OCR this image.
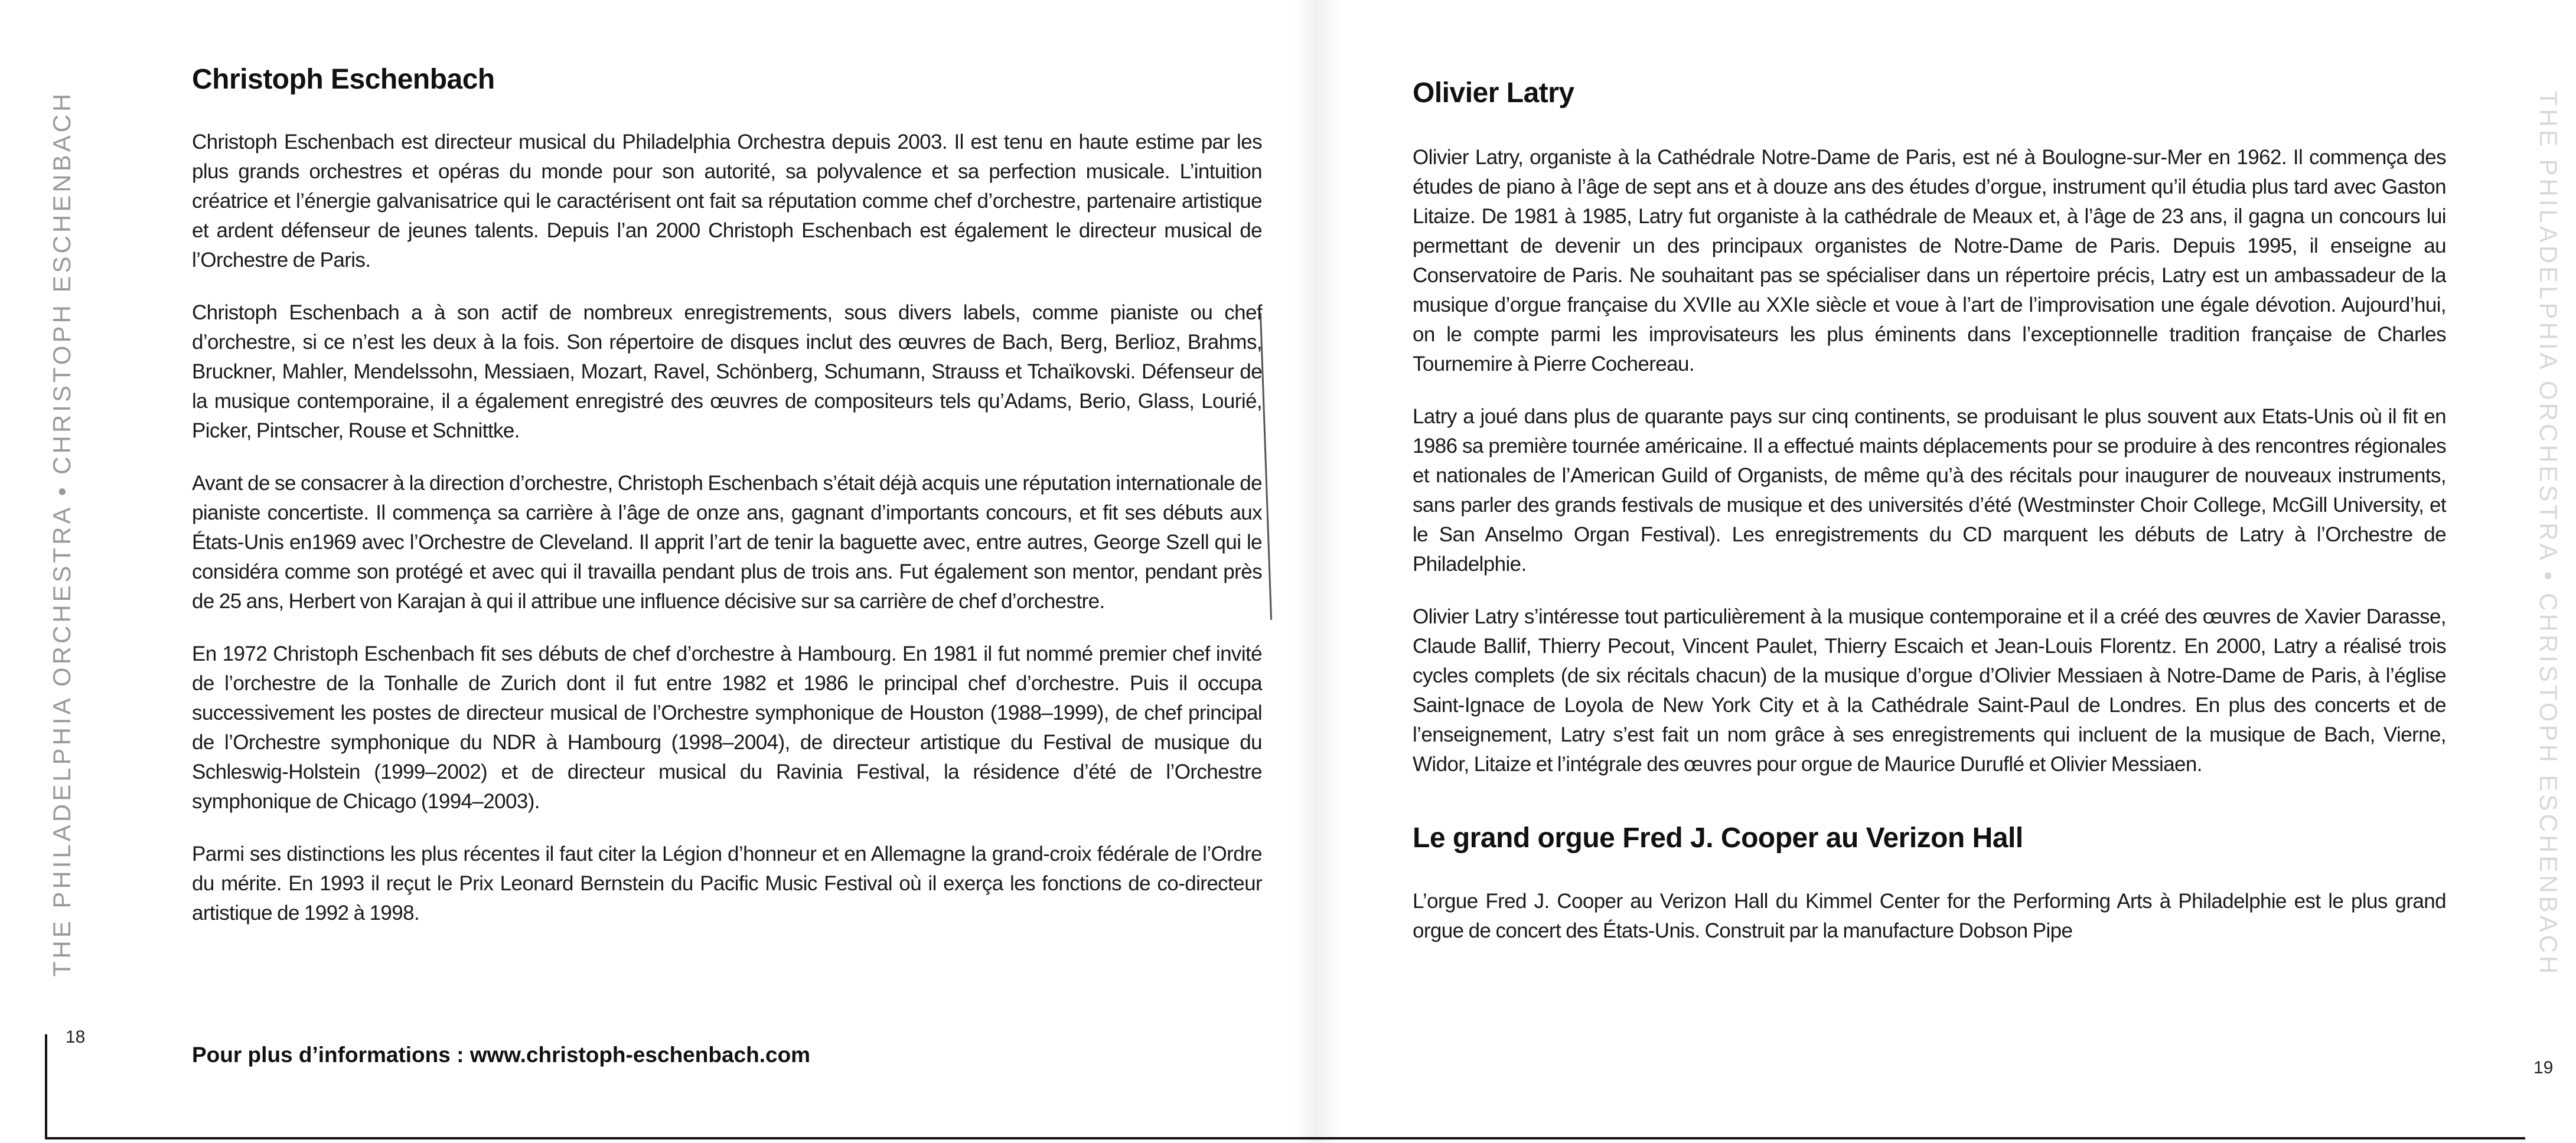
THE PHILADELPHIA ORCHESTRA • CHRISTOPH ESCHENBACH	THE PHILADELPHIA ORCHESTRA • CHRISTOPH ESCHENBACH
Christoph Eschenbach

Christoph Eschenbach est directeur musical du Philadelphia Orchestra depuis 2003. Il est tenu en haute estime par les plus grands orchestres et opéras du monde pour son autorité, sa polyvalence et sa perfection musicale. L’intuition créatrice et l’énergie galvanisatrice qui le caractérisent ont fait sa réputation comme chef d’orchestre, partenaire artistique et ardent défenseur de jeunes talents. Depuis l’an 2000 Christoph Eschenbach est également le directeur musical de l’Orchestre de Paris.

Christoph Eschenbach a à son actif de nombreux enregistrements, sous divers labels, comme pianiste ou chef d’orchestre, si ce n’est les deux à la fois. Son répertoire de disques inclut des œuvres de Bach, Berg, Berlioz, Brahms, Bruckner, Mahler, Mendelssohn, Messiaen, Mozart, Ravel, Schönberg, Schumann, Strauss et Tchaïkovski. Défenseur de la musique contemporaine, il a également enregistré des œuvres de compositeurs tels qu’Adams, Berio, Glass, Lourié, Picker, Pintscher, Rouse et Schnittke.

Avant de se consacrer à la direction d’orchestre, Christoph Eschenbach s’était déjà acquis une réputation internationale de pianiste concertiste. Il commença sa carrière à l’âge de onze ans, gagnant d’importants concours, et fit ses débuts aux États-Unis en1969 avec l’Orchestre de Cleveland. Il apprit l’art de tenir la baguette avec, entre autres, George Szell qui le considéra comme son protégé et avec qui il travailla pendant plus de trois ans. Fut également son mentor, pendant près de 25 ans, Herbert von Karajan à qui il attribue une influence décisive sur sa carrière de chef d’orchestre.

En 1972 Christoph Eschenbach fit ses débuts de chef d’orchestre à Hambourg. En 1981 il fut nommé premier chef invité de l’orchestre de la Tonhalle de Zurich dont il fut entre 1982 et 1986 le principal chef d’orchestre. Puis il occupa successivement les postes de directeur musical de l’Orchestre symphonique de Houston (1988–1999), de chef principal de l’Orchestre symphonique du NDR à Hambourg (1998–2004), de directeur artistique du Festival de musique du Schleswig-Holstein (1999–2002) et de directeur musical du Ravinia Festival, la résidence d’été de l’Orchestre symphonique de Chicago (1994–2003).

Parmi ses distinctions les plus récentes il faut citer la Légion d’honneur et en Allemagne la grand-croix fédérale de l’Ordre du mérite. En 1993 il reçut le Prix Leonard Bernstein du Pacific Music Festival où il exerça les fonctions de co-directeur artistique de 1992 à 1998.

Pour plus d’informations : www.christoph-eschenbach.com
18
Olivier Latry

Olivier Latry, organiste à la Cathédrale Notre-Dame de Paris, est né à Boulogne-sur-Mer en 1962. Il commença des études de piano à l’âge de sept ans et à douze ans des études d’orgue, instrument qu’il étudia plus tard avec Gaston Litaize. De 1981 à 1985, Latry fut organiste à la cathédrale de Meaux et, à l’âge de 23 ans, il gagna un concours lui permettant de devenir un des principaux organistes de Notre-Dame de Paris. Depuis 1995, il enseigne au Conservatoire de Paris. Ne souhaitant pas se spécialiser dans un répertoire précis, Latry est un ambassadeur de la musique d’orgue française du XVIIe au XXIe siècle et voue à l’art de l’improvisation une égale dévotion. Aujourd’hui, on le compte parmi les improvisateurs les plus éminents dans l’exceptionnelle tradition française de Charles Tournemire à Pierre Cochereau.

Latry a joué dans plus de quarante pays sur cinq continents, se produisant le plus souvent aux Etats-Unis où il fit en 1986 sa première tournée américaine. Il a effectué maints déplacements pour se produire à des rencontres régionales et nationales de l’American Guild of Organists, de même qu’à des récitals pour inaugurer de nouveaux instruments, sans parler des grands festivals de musique et des universités d’été (Westminster Choir College, McGill University, et le San Anselmo Organ Festival). Les enregistrements du CD marquent les débuts de Latry à l’Orchestre de Philadelphie.

Olivier Latry s’intéresse tout particulièrement à la musique contemporaine et il a créé des œuvres de Xavier Darasse, Claude Ballif, Thierry Pecout, Vincent Paulet, Thierry Escaich et Jean-Louis Florentz. En 2000, Latry a réalisé trois cycles complets (de six récitals chacun) de la musique d’orgue d’Olivier Messiaen à Notre-Dame de Paris, à l’église Saint-Ignace de Loyola de New York City et à la Cathédrale Saint-Paul de Londres. En plus des concerts et de l’enseignement, Latry s’est fait un nom grâce à ses enregistrements qui incluent de la musique de Bach, Vierne, Widor, Litaize et l’intégrale des œuvres pour orgue de Maurice Duruflé et Olivier Messiaen.

Le grand orgue Fred J. Cooper au Verizon Hall

L’orgue Fred J. Cooper au Verizon Hall du Kimmel Center for the Performing Arts à Philadelphie est le plus grand orgue de concert des États-Unis. Construit par la manufacture Dobson Pipe

19
